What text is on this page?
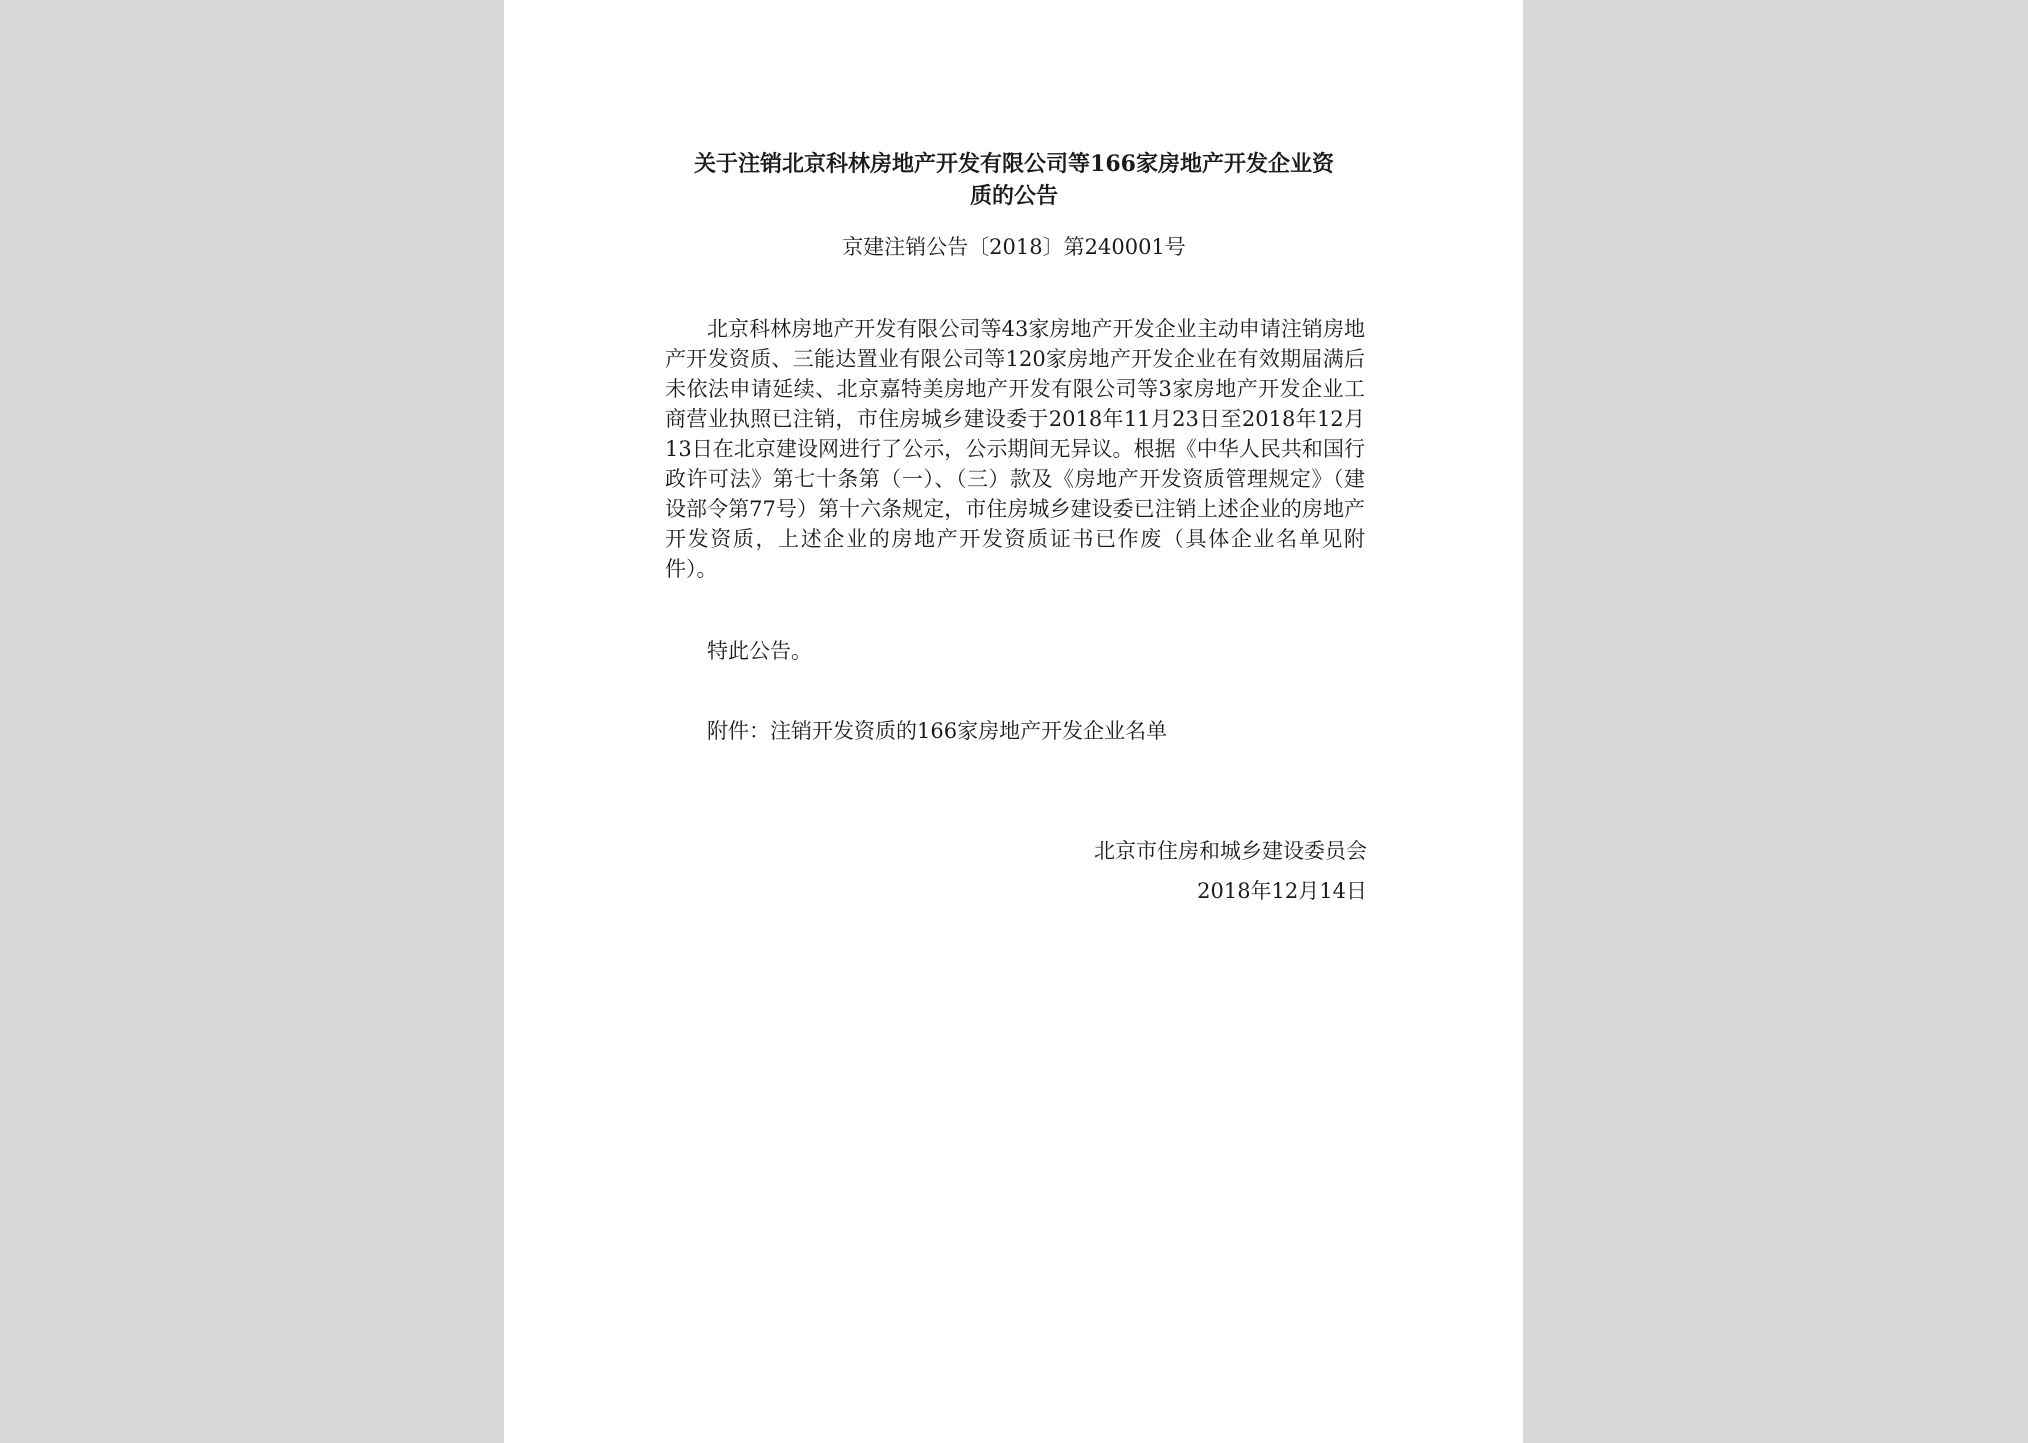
关于注销北京科林房地产开发有限公司等166家房地产开发企业资
质的公告
京建注销公告〔2018〕第240001号

北京科林房地产开发有限公司等43家房地产开发企业主动申请注销房地产开发资质、三能达置业有限公司等120家房地产开发企业在有效期届满后未依法申请延续、北京嘉特美房地产开发有限公司等3家房地产开发企业工商营业执照已注销，市住房城乡建设委于2018年11月23日至2018年12月13日在北京建设网进行了公示，公示期间无异议。根据《中华人民共和国行政许可法》第七十条第（一）、（三）款及《房地产开发资质管理规定》（建设部令第77号）第十六条规定，市住房城乡建设委已注销上述企业的房地产开发资质，上述企业的房地产开发资质证书已作废（具体企业名单见附件）。

特此公告。
附件：注销开发资质的166家房地产开发企业名单
北京市住房和城乡建设委员会
2018年12月14日
